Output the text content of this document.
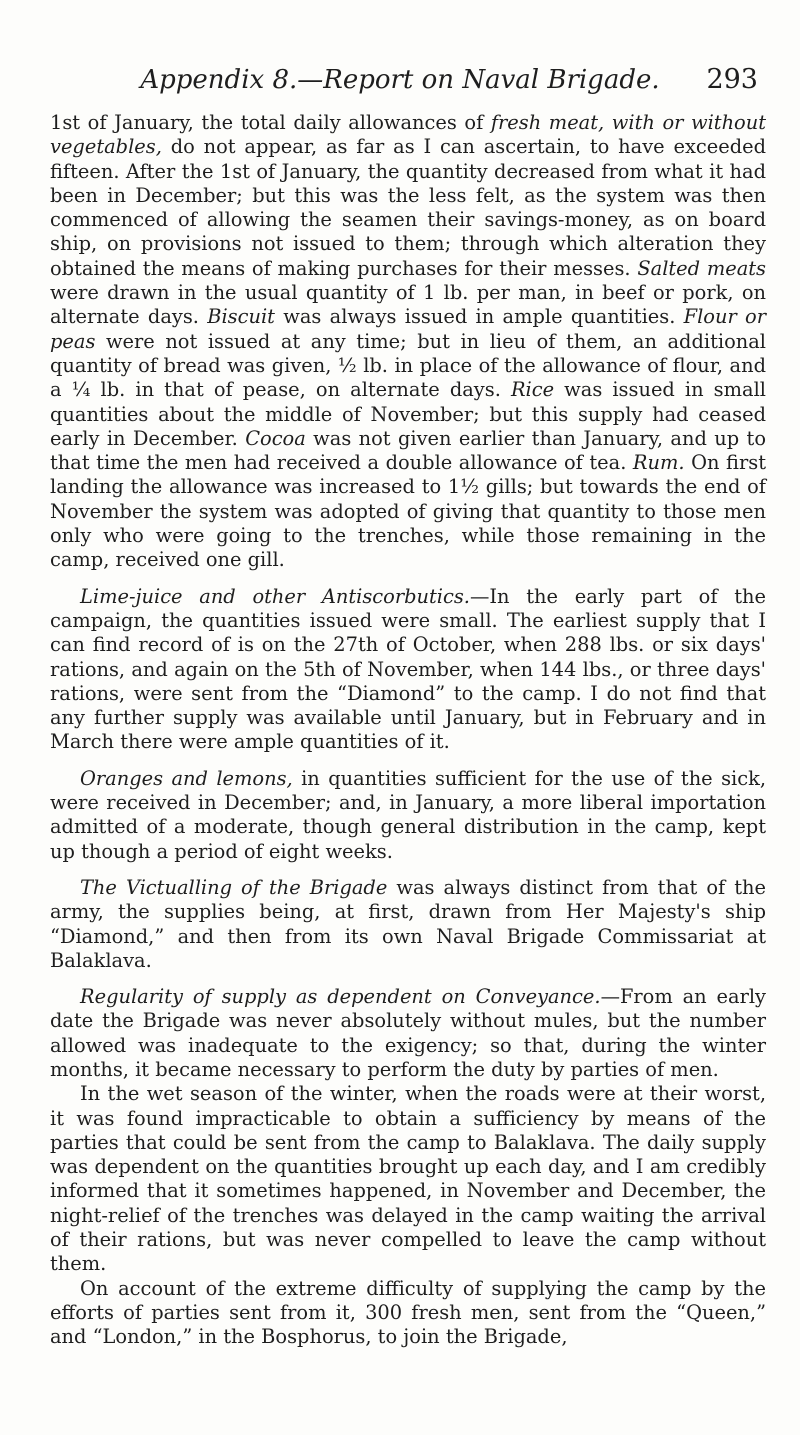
Appendix 8.—Report on Naval Brigade.	293

1st of January, the total daily allowances of fresh meat, with or without vegetables, do not appear, as far as I can ascertain, to have exceeded fifteen. After the 1st of January, the quantity decreased from what it had been in December; but this was the less felt, as the system was then commenced of allowing the seamen their savings-money, as on board ship, on provisions not issued to them; through which alteration they obtained the means of making purchases for their messes. Salted meats were drawn in the usual quantity of 1 lb. per man, in beef or pork, on alternate days. Biscuit was always issued in ample quantities. Flour or peas were not issued at any time; but in lieu of them, an additional quantity of bread was given, ½ lb. in place of the allowance of flour, and a ¼ lb. in that of pease, on alternate days. Rice was issued in small quantities about the middle of November; but this supply had ceased early in December. Cocoa was not given earlier than January, and up to that time the men had received a double allowance of tea. Rum. On first landing the allowance was increased to 1½ gills; but towards the end of November the system was adopted of giving that quantity to those men only who were going to the trenches, while those remaining in the camp, received one gill.

Lime-juice and other Antiscorbutics.—In the early part of the campaign, the quantities issued were small. The earliest supply that I can find record of is on the 27th of October, when 288 lbs. or six days' rations, and again on the 5th of November, when 144 lbs., or three days' rations, were sent from the “Diamond” to the camp. I do not find that any further supply was available until January, but in February and in March there were ample quantities of it.

Oranges and lemons, in quantities sufficient for the use of the sick, were received in December; and, in January, a more liberal importation admitted of a moderate, though general distribution in the camp, kept up though a period of eight weeks.

The Victualling of the Brigade was always distinct from that of the army, the supplies being, at first, drawn from Her Majesty's ship “Diamond,” and then from its own Naval Brigade Commissariat at Balaklava.

Regularity of supply as dependent on Conveyance.—From an early date the Brigade was never absolutely without mules, but the number allowed was inadequate to the exigency; so that, during the winter months, it became necessary to perform the duty by parties of men.

In the wet season of the winter, when the roads were at their worst, it was found impracticable to obtain a sufficiency by means of the parties that could be sent from the camp to Balaklava. The daily supply was dependent on the quantities brought up each day, and I am credibly informed that it sometimes happened, in November and December, the night-relief of the trenches was delayed in the camp waiting the arrival of their rations, but was never compelled to leave the camp without them.

On account of the extreme difficulty of supplying the camp by the efforts of parties sent from it, 300 fresh men, sent from the “Queen,” and “London,” in the Bosphorus, to join the Brigade,
